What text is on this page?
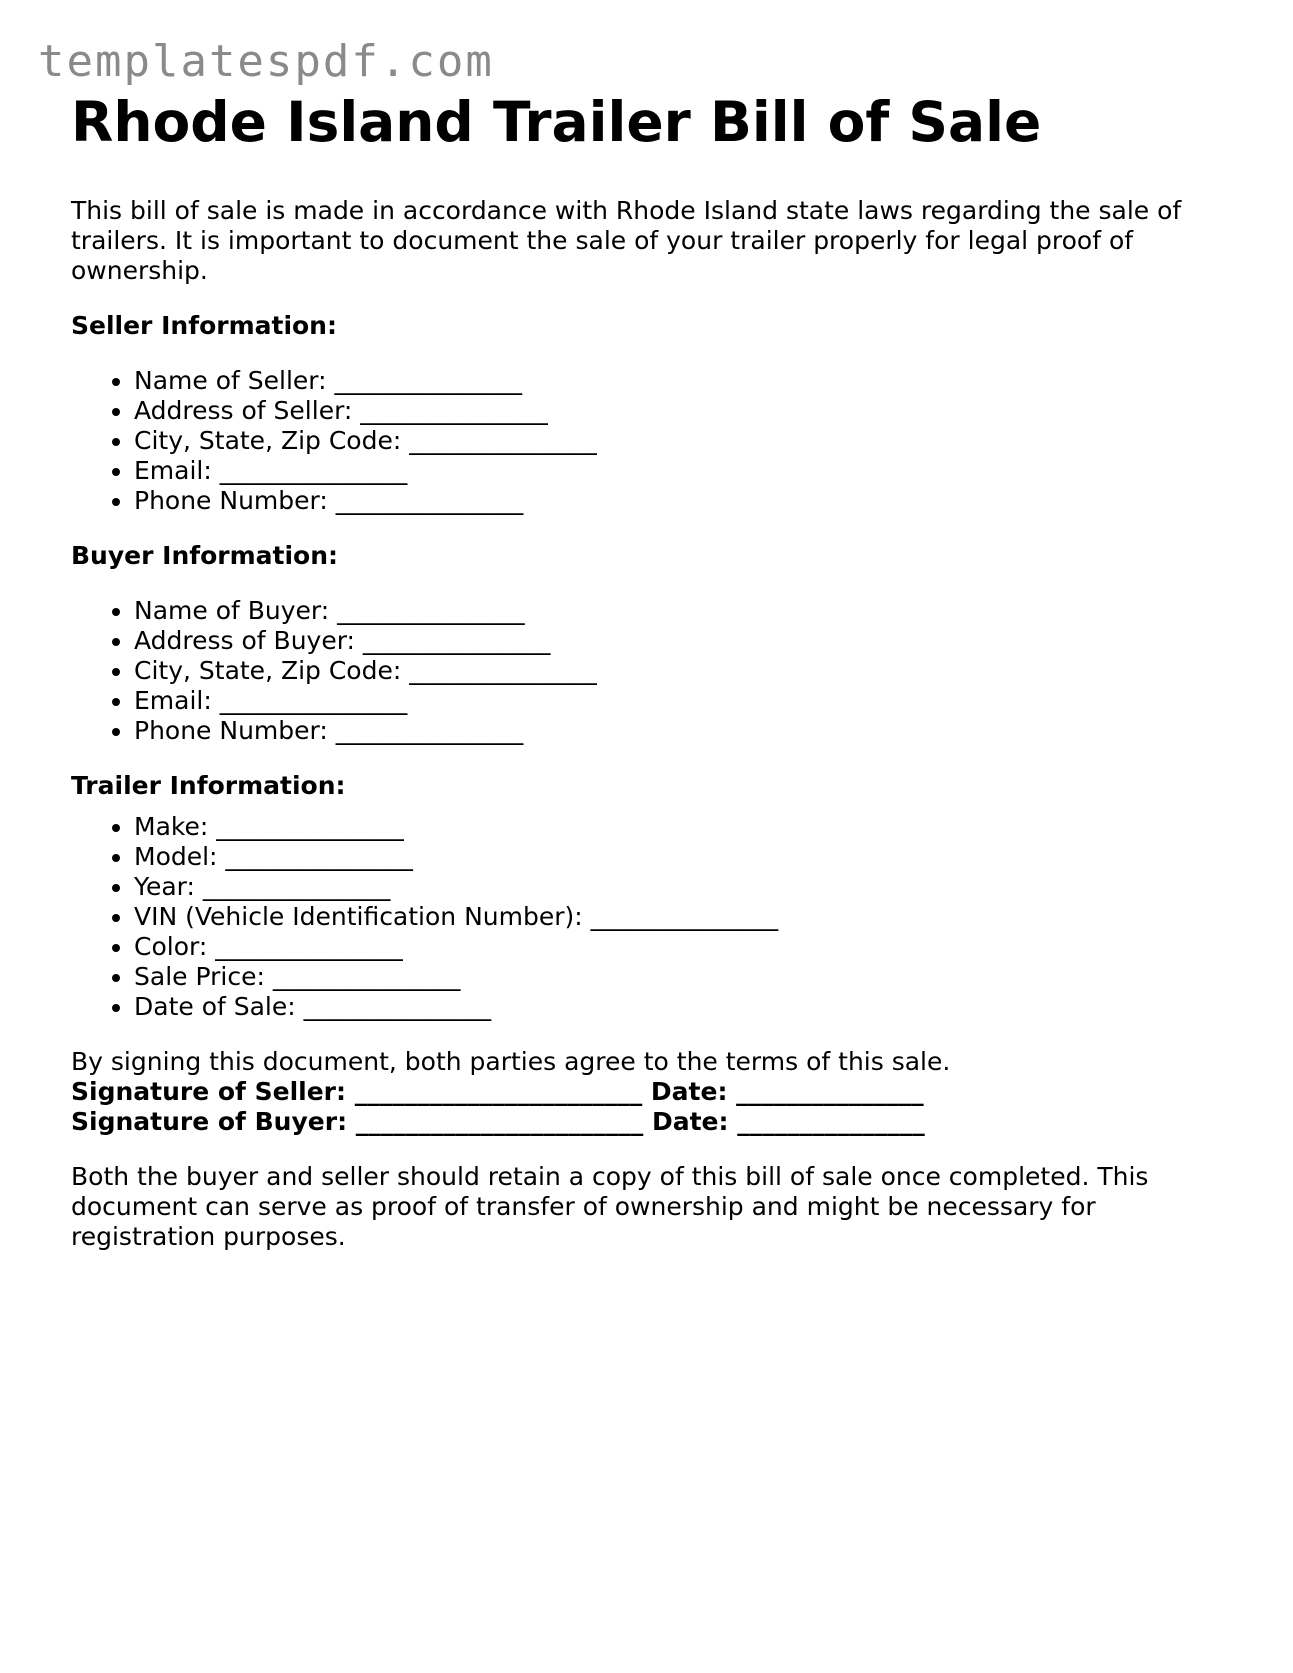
templatespdf.com
Rhode Island Trailer Bill of Sale

This bill of sale is made in accordance with Rhode Island state laws regarding the sale of trailers. It is important to document the sale of your trailer properly for legal proof of ownership.

Seller Information:
• Name of Seller: _______________
• Address of Seller: _______________
• City, State, Zip Code: _______________
• Email: _______________
• Phone Number: _______________
Buyer Information:
• Name of Buyer: _______________
• Address of Buyer: _______________
• City, State, Zip Code: _______________
• Email: _______________
• Phone Number: _______________
Trailer Information:
• Make: _______________
• Model: _______________
• Year: _______________
• VIN (Vehicle Identification Number): _______________
• Color: _______________
• Sale Price: _______________
• Date of Sale: _______________

By signing this document, both parties agree to the terms of this sale.

Signature of Seller: _______________________ Date: _______________
Signature of Buyer: _______________________ Date: _______________

Both the buyer and seller should retain a copy of this bill of sale once completed. This document can serve as proof of transfer of ownership and might be necessary for registration purposes.
